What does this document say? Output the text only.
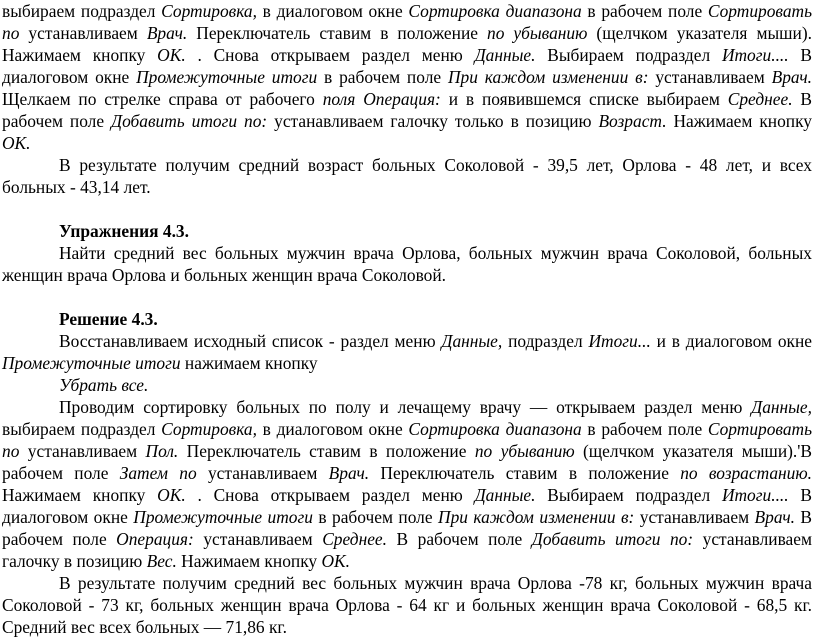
выбираем подраздел Сортировка, в диалоговом окне Сортировка диапазона в рабочем поле Сортировать по устанавливаем Врач. Переключатель ставим в положение по убыванию (щелчком указателя мыши). Нажимаем кнопку OK. . Снова открываем раздел меню Данные. Выбираем подраздел Итоги.... В диалоговом окне Промежуточные итоги в рабочем поле При каждом изменении в: устанавливаем Врач. Щелкаем по стрелке справа от рабочего поля Операция: и в появившемся списке выбираем Среднее. В рабочем поле Добавить итоги по: устанавливаем галочку только в позицию Возраст. Нажимаем кнопку OK.

В результате получим средний возраст больных Соколовой - 39,5 лет, Орлова - 48 лет, и всех больных - 43,14 лет.

Упражнения 4.3.

Найти средний вес больных мужчин врача Орлова, больных мужчин врача Соколовой, больных женщин врача Орлова и больных женщин врача Соколовой.

Решение 4.3.

Восстанавливаем исходный список - раздел меню Данные, подраздел Итоги... и в диалоговом окне Промежуточные итоги нажимаем кнопку

Убрать все.

Проводим сортировку больных по полу и лечащему врачу — открываем раздел меню Данные, выбираем подраздел Сортировка, в диалоговом окне Сортировка диапазона в рабочем поле Сортировать по устанавливаем Пол. Переключатель ставим в положение по убыванию (щелчком указателя мыши).'В рабочем поле Затем по устанавливаем Врач. Переключатель ставим в положение по возрастанию. Нажимаем кнопку OK. . Снова открываем раздел меню Данные. Выбираем подраздел Итоги.... В диалоговом окне Промежуточные итоги в рабочем поле При каждом изменении в: устанавливаем Врач. В рабочем поле Операция: устанавливаем Среднее. В рабочем поле Добавить итоги по: устанавливаем галочку в позицию Вес. Нажимаем кнопку OK.

В результате получим средний вес больных мужчин врача Орлова -78 кг, больных мужчин врача Соколовой - 73 кг, больных женщин врача Орлова - 64 кг и больных женщин врача Соколовой - 68,5 кг. Средний вес всех больных — 71,86 кг.
